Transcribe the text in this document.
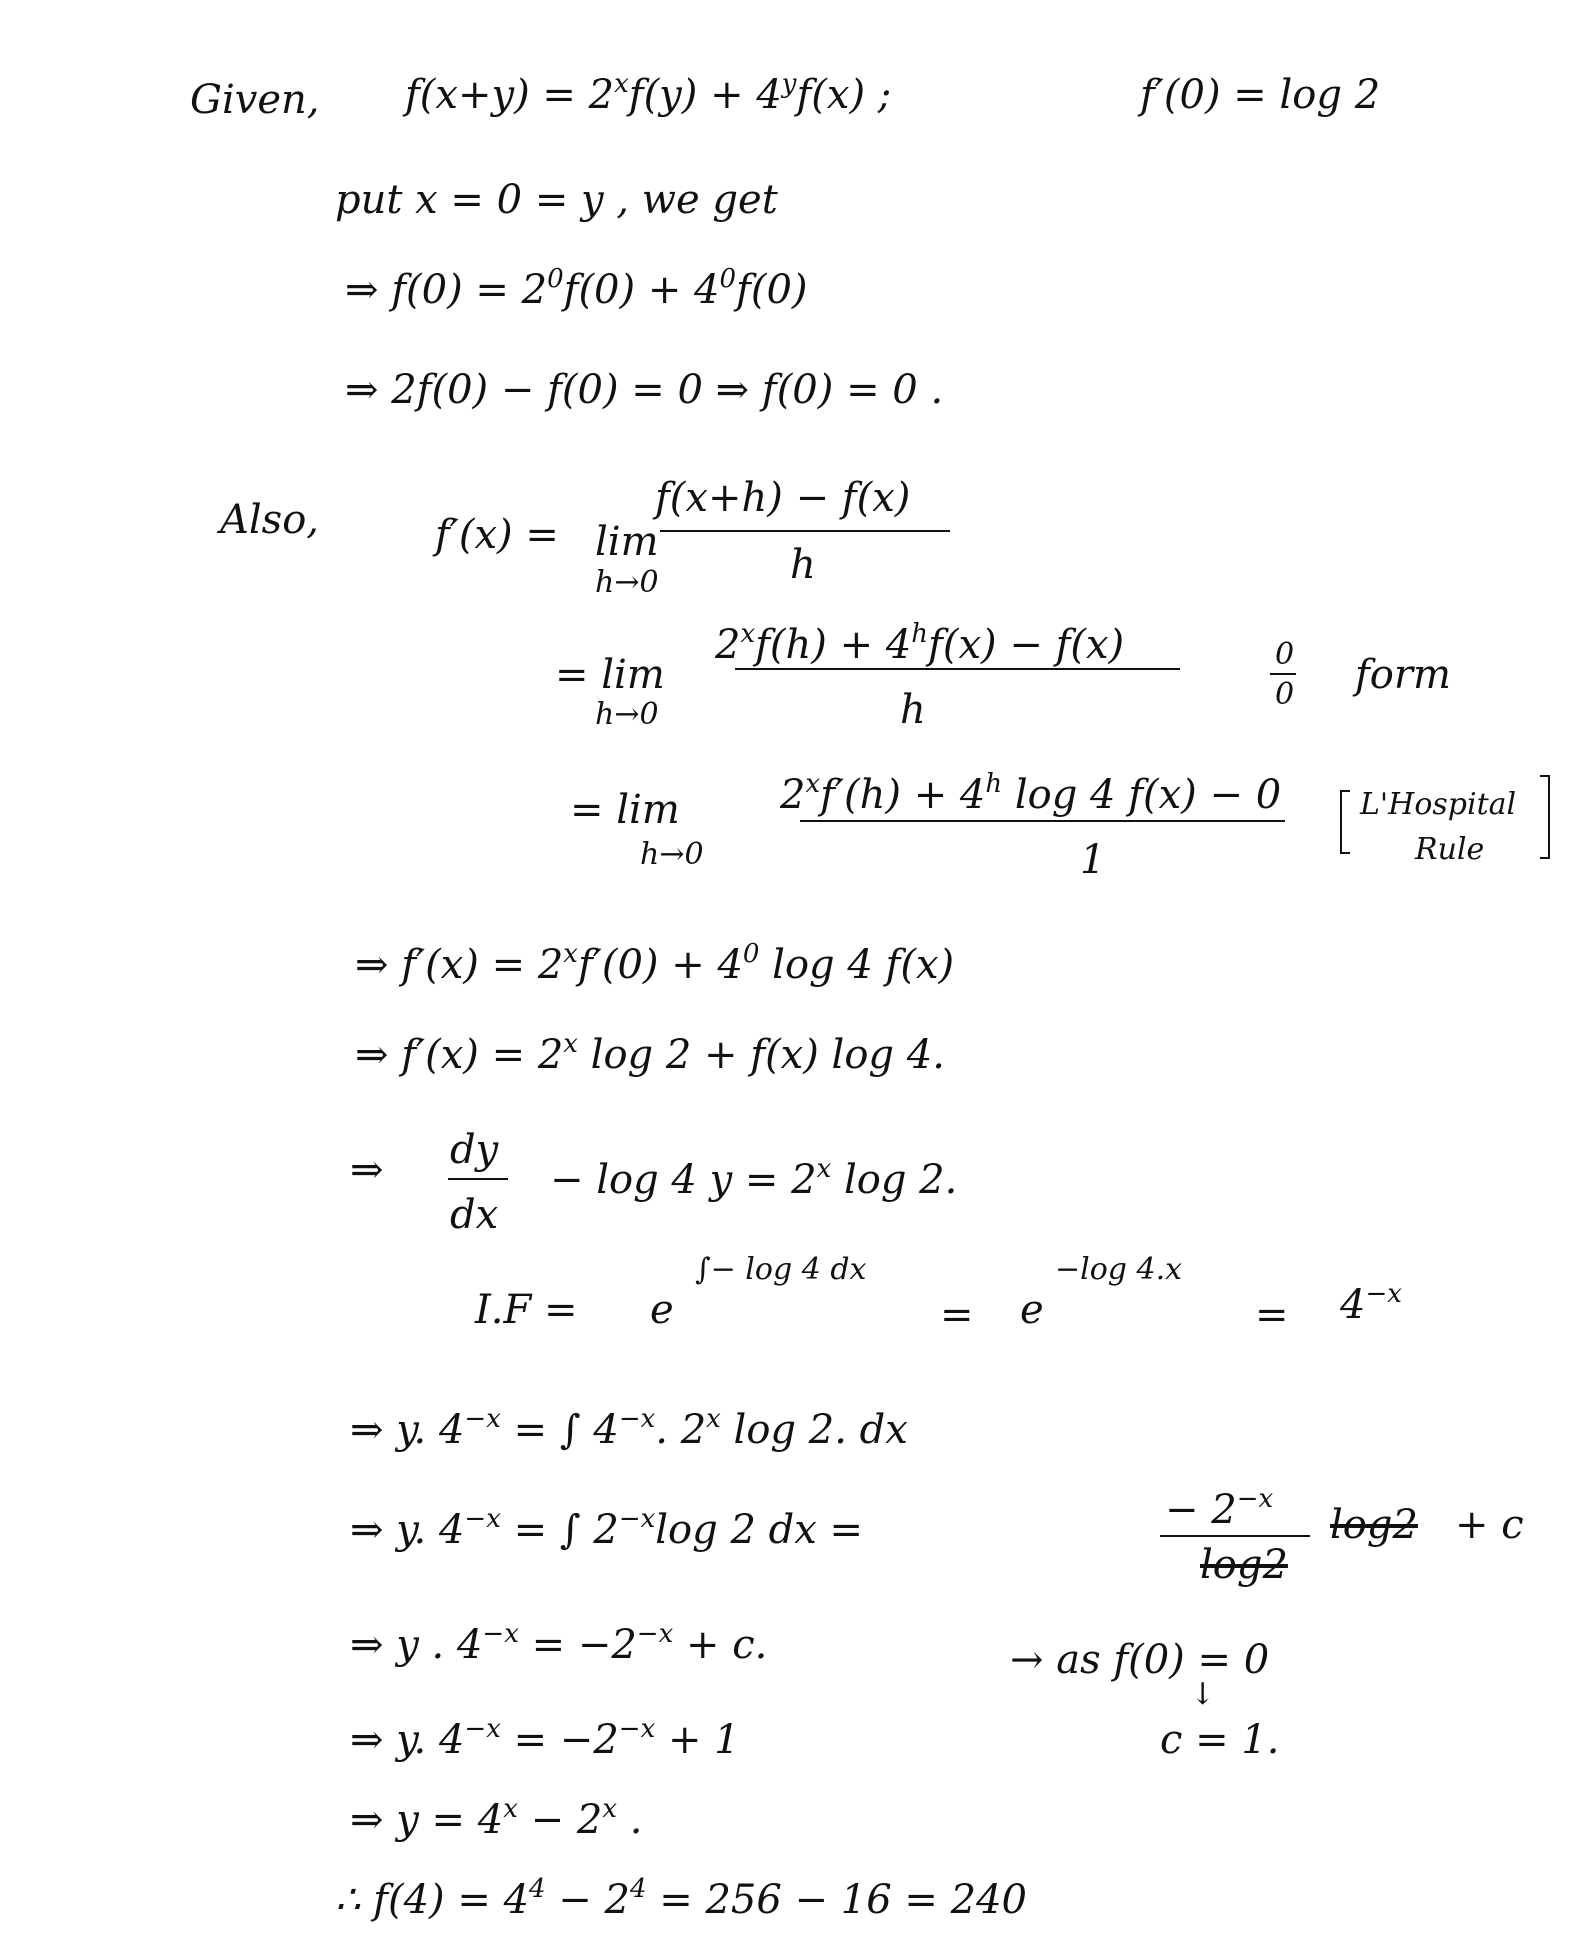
Given, $f(x+y) = 2^xf(y) + 4^yf(x)$ ;	f′(0) = log 2
put x = 0 = y , we get
⇒ $f(0) = 2^0f(0) + 4^0f(0)$
⇒ 2f(0) − f(0) = 0 ⇒ f(0) = 0 .
Also,	f′(x) = lim
h→0
f(x+h) − f(x)
h
= lim
h→0
$2^xf(h) + 4^hf(x) - f(x)$
h
0
0 form
= lim
h→0
$2^xf'(h) + 4^h$ log 4 f(x) − 0
1
L'Hospital
Rule
⇒ $f'(x) = 2^xf'(0) + 4^0$ log 4 f(x)
⇒ $f'(x) = 2^x$ log 2 + f(x) log 4.
⇒ dy
dx
− log 4 $y = 2^x$ log 2.
I.F = e
∫− log 4 dx
= e
−log 4.x
= $4^{-x}$
⇒ y. $4^{-x}$ = ∫ $4^{-x}$. 2$^x$ log 2. dx
⇒ y. $4^{-x}$ = ∫ $2^{-x}\log$ 2 dx =	− $2^{-x}$
log2
log2 + c
⇒ y . $4^{-x} = -2^{-x} + c$.	→ as f(0) = 0
↓
c = 1.
⇒ y. $4^{-x} = -2^{-x} + 1$
⇒ $y = 4^x - 2^x$ .
∴ $f(4) = 4^4 - 2^4 = 256 - 16 = 240$
